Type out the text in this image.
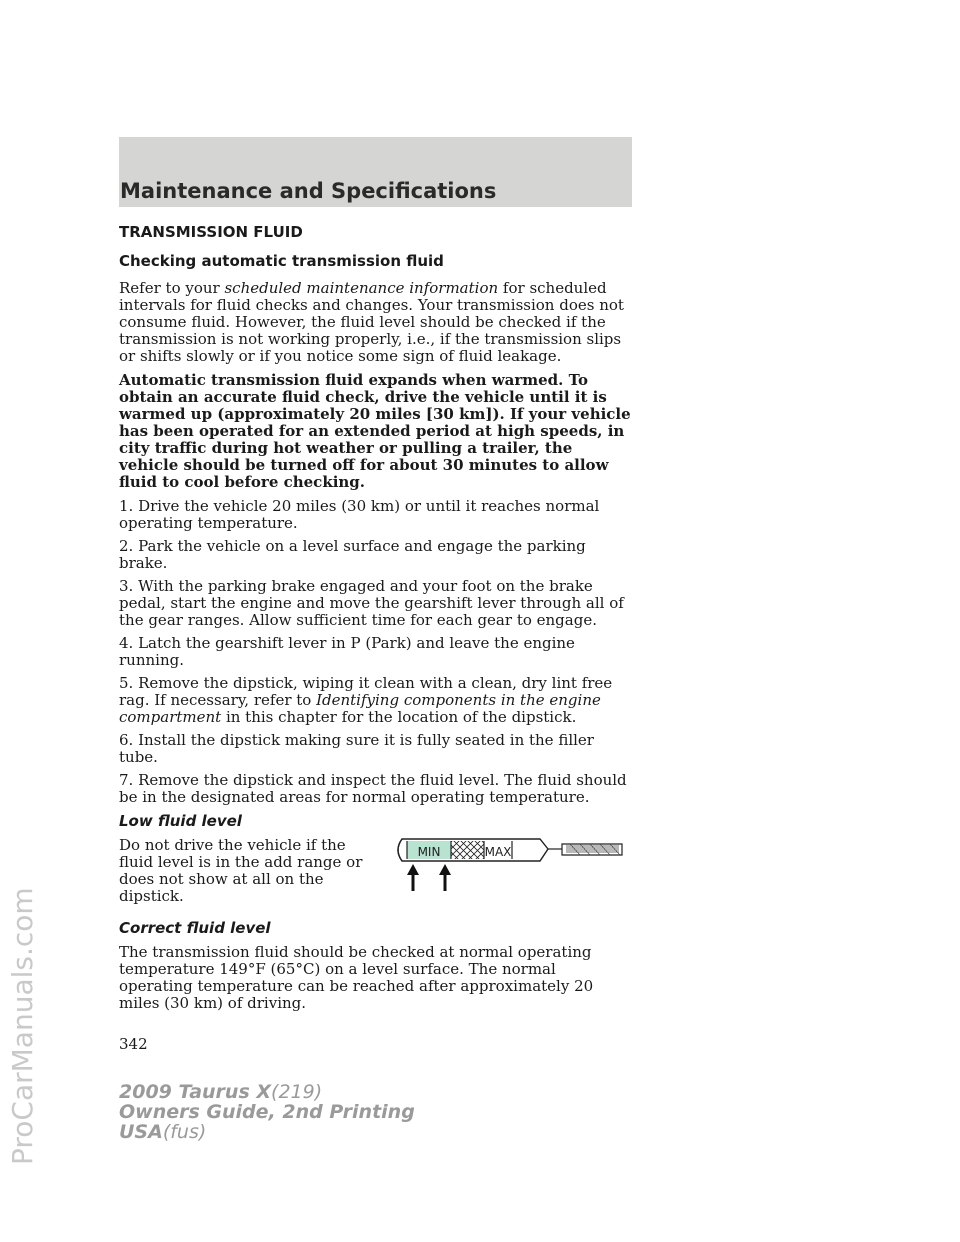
Maintenance and Specifications
ProCarManuals.com
TRANSMISSION FLUID
Checking automatic transmission fluid

Refer to your scheduled maintenance information for scheduled intervals for fluid checks and changes. Your transmission does not consume fluid. However, the fluid level should be checked if the transmission is not working properly, i.e., if the transmission slips or shifts slowly or if you notice some sign of fluid leakage.

Automatic transmission fluid expands when warmed. To obtain an accurate fluid check, drive the vehicle until it is warmed up (approximately 20 miles [30 km]). If your vehicle has been operated for an extended period at high speeds, in city traffic during hot weather or pulling a trailer, the vehicle should be turned off for about 30 minutes to allow fluid to cool before checking.

1. Drive the vehicle 20 miles (30 km) or until it reaches normal operating temperature.

2. Park the vehicle on a level surface and engage the parking brake.

3. With the parking brake engaged and your foot on the brake pedal, start the engine and move the gearshift lever through all of the gear ranges. Allow sufficient time for each gear to engage.

4. Latch the gearshift lever in P (Park) and leave the engine running.

5. Remove the dipstick, wiping it clean with a clean, dry lint free rag. If necessary, refer to Identifying components in the engine compartment in this chapter for the location of the dipstick.

6. Install the dipstick making sure it is fully seated in the filler tube.

7. Remove the dipstick and inspect the fluid level. The fluid should be in the designated areas for normal operating temperature.

Low fluid level
Do not drive the vehicle if the fluid level is in the add range or does not show at all on the dipstick.
MIN	MAX
Correct fluid level

The transmission fluid should be checked at normal operating temperature 149°F (65°C) on a level surface. The normal operating temperature can be reached after approximately 20 miles (30 km) of driving.

342
2009 Taurus X(219)
Owners Guide, 2nd Printing
USA(fus)
